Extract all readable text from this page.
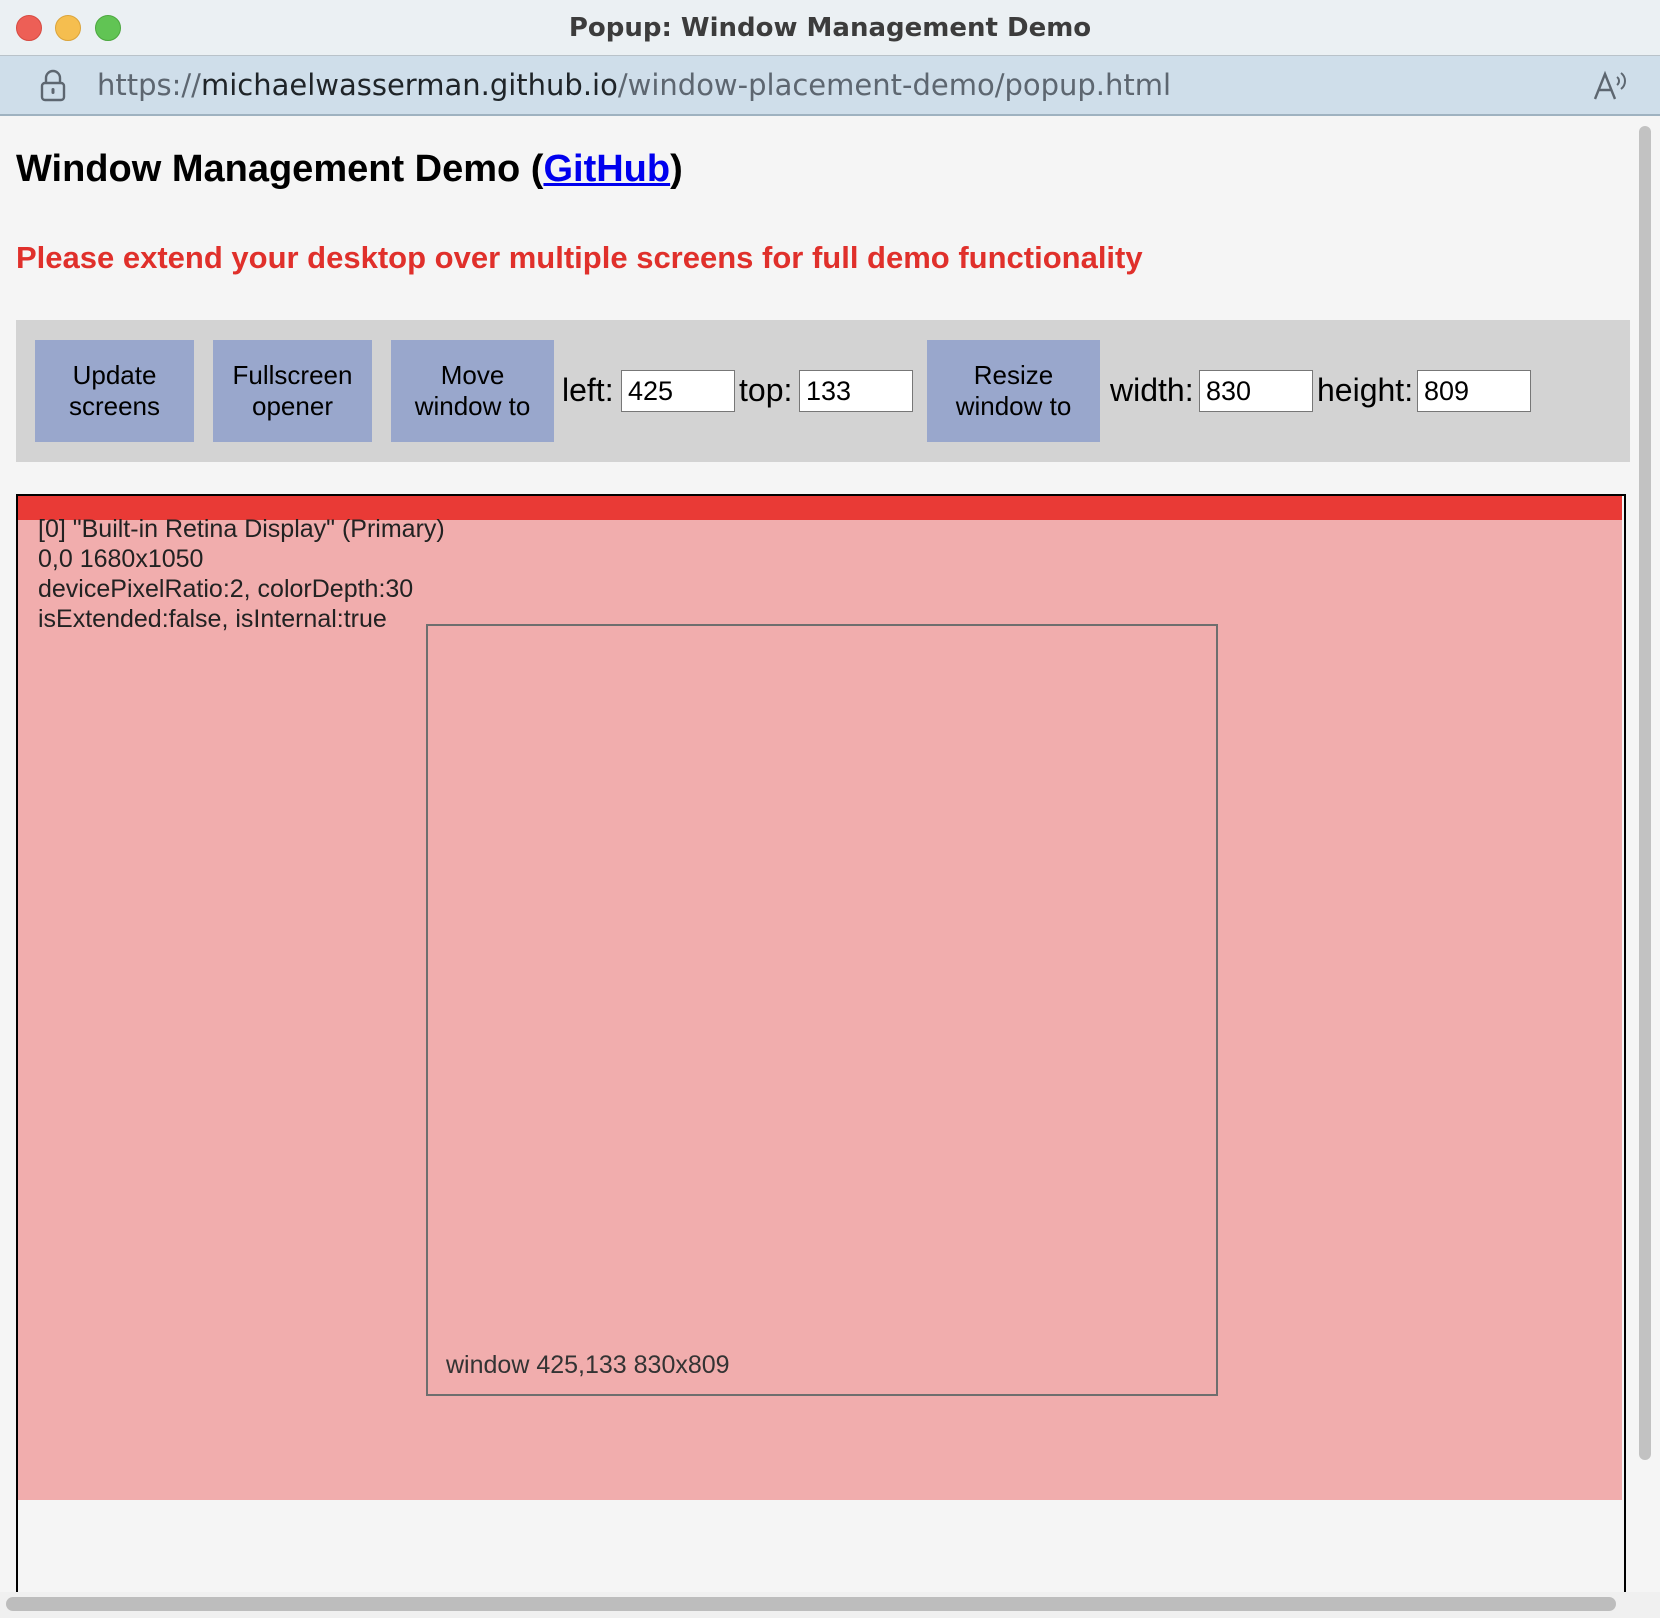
Popup: Window Management Demo
https://michaelwasserman.github.io/window-placement-demo/popup.html
Window Management Demo (GitHub)
Please extend your desktop over multiple screens for full demo functionality
Update
screens
Fullscreen
opener
Move
window to left:
425	top:
133	Resize
window to	width:
830	height:
809
[0] "Built-in Retina Display" (Primary)
0,0 1680x1050
devicePixelRatio:2, colorDepth:30
isExtended:false, isInternal:true
window 425,133 830x809
